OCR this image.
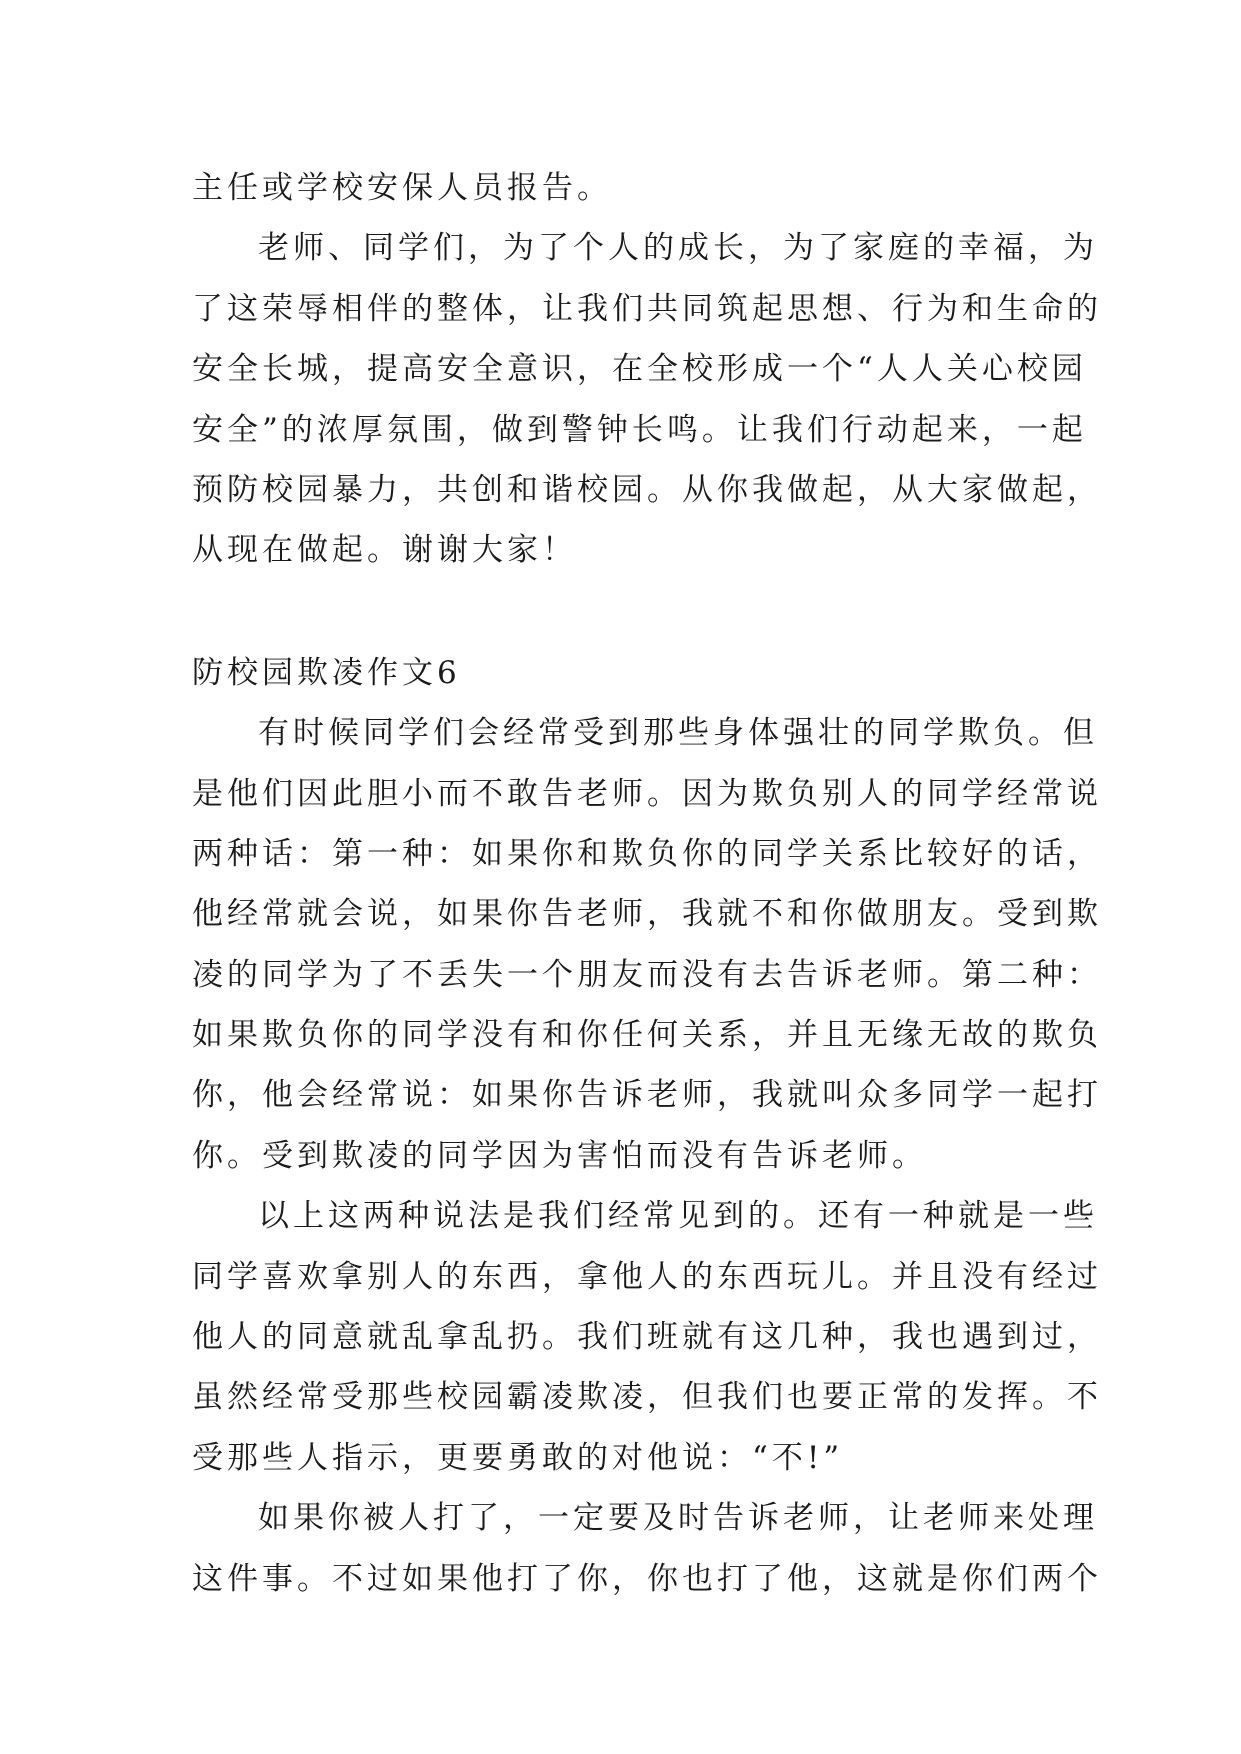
主任或学校安保人员报告。
老师、同学们，为了个人的成长，为了家庭的幸福，为
了这荣辱相伴的整体，让我们共同筑起思想、行为和生命的
安全长城，提高安全意识，在全校形成一个“人人关心校园
安全”的浓厚氛围，做到警钟长鸣。让我们行动起来，一起
预防校园暴力，共创和谐校园。从你我做起，从大家做起，
从现在做起。谢谢大家！
防校园欺凌作文6
有时候同学们会经常受到那些身体强壮的同学欺负。但
是他们因此胆小而不敢告老师。因为欺负别人的同学经常说
两种话：第一种：如果你和欺负你的同学关系比较好的话，
他经常就会说，如果你告老师，我就不和你做朋友。受到欺
凌的同学为了不丢失一个朋友而没有去告诉老师。第二种：
如果欺负你的同学没有和你任何关系，并且无缘无故的欺负
你，他会经常说：如果你告诉老师，我就叫众多同学一起打
你。受到欺凌的同学因为害怕而没有告诉老师。
以上这两种说法是我们经常见到的。还有一种就是一些
同学喜欢拿别人的东西，拿他人的东西玩儿。并且没有经过
他人的同意就乱拿乱扔。我们班就有这几种，我也遇到过，
虽然经常受那些校园霸凌欺凌，但我们也要正常的发挥。不
受那些人指示，更要勇敢的对他说：“不!”
如果你被人打了，一定要及时告诉老师，让老师来处理
这件事。不过如果他打了你，你也打了他，这就是你们两个
